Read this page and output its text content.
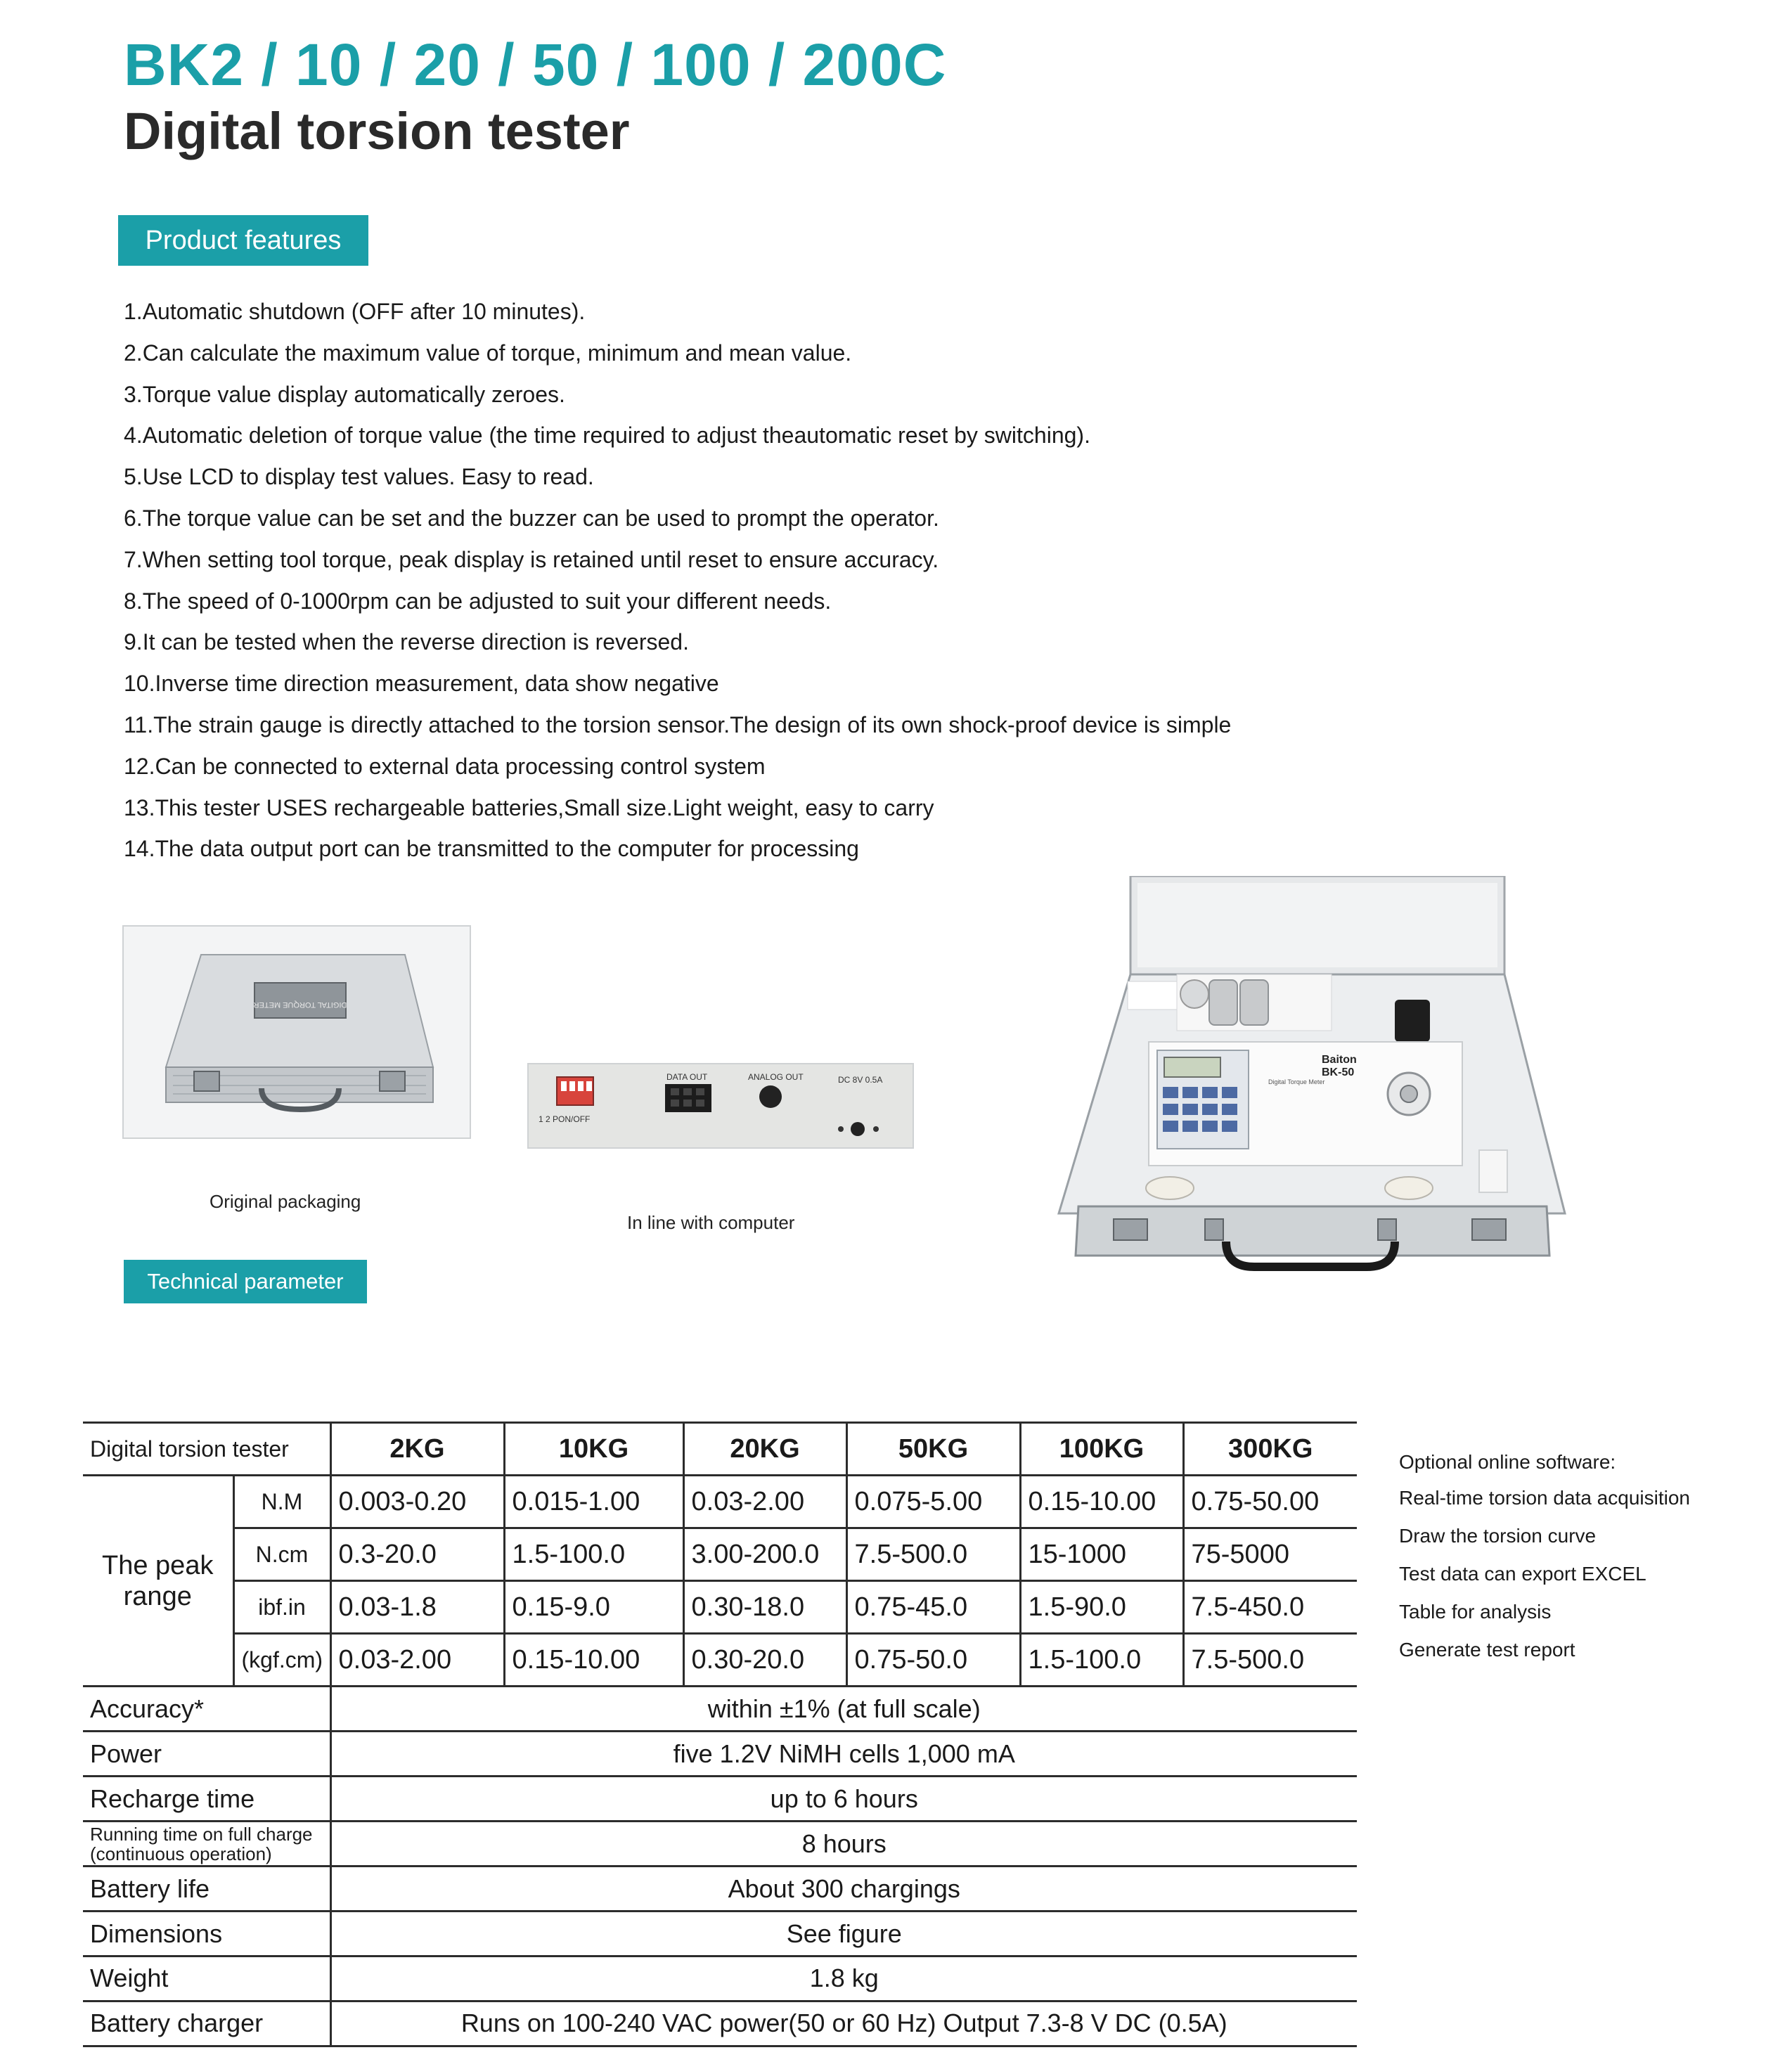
BK2 / 10 / 20 / 50 / 100 / 200C
Digital torsion tester
Product features
1.Automatic shutdown (OFF after 10 minutes).
2.Can calculate the maximum value of torque, minimum and mean value.
3.Torque value display automatically zeroes.
4.Automatic deletion of torque value (the time required to adjust theautomatic reset by switching).
5.Use LCD to display test values. Easy to read.
6.The torque value can be set and the buzzer can be used to prompt the operator.
7.When setting tool torque, peak display is retained until reset to ensure accuracy.
8.The speed of 0-1000rpm can be adjusted to suit your different needs.
9.It can be tested when the reverse direction is reversed.
10.Inverse time direction measurement, data show negative
11.The strain gauge is directly attached to the torsion sensor.The design of its own shock-proof device is simple
12.Can be connected to external data processing control system
13.This tester USES rechargeable batteries,Small size.Light weight, easy to carry
14.The data output port can be transmitted to the computer for processing
DIGITAL TORQUE METER
Original packaging
1 2 PON/OFF
DATA OUT	ANALOG OUT	DC 8V 0.5A
In line with computer
Baiton
BK-50
Digital Torque Meter
Technical parameter
Digital torsion tester		2KG	10KG	20KG	50KG	100KG	300KG
The peak range	N.M	0.003-0.20	0.015-1.00	0.03-2.00	0.075-5.00	0.15-10.00	0.75-50.00
	N.cm	0.3-20.0	1.5-100.0	3.00-200.0	7.5-500.0	15-1000	75-5000
	ibf.in	0.03-1.8	0.15-9.0	0.30-18.0	0.75-45.0	1.5-90.0	7.5-450.0
	(kgf.cm)	0.03-2.00	0.15-10.00	0.30-20.0	0.75-50.0	1.5-100.0	7.5-500.0
Accuracy*		within ±1% (at full scale)					
Power		five 1.2V NiMH cells 1,000 mA					
Recharge time		up to 6 hours					
Running time on full charge (continuous operation)		8 hours					
Battery life		About 300 chargings					
Dimensions		See figure					
Weight		1.8 kg					
Battery charger		Runs on 100-240 VAC power(50 or 60 Hz) Output 7.3-8 V DC (0.5A)					
Optional online software:
Real-time torsion data acquisition
Draw the torsion curve
Test data can export EXCEL
Table for analysis
Generate test report
